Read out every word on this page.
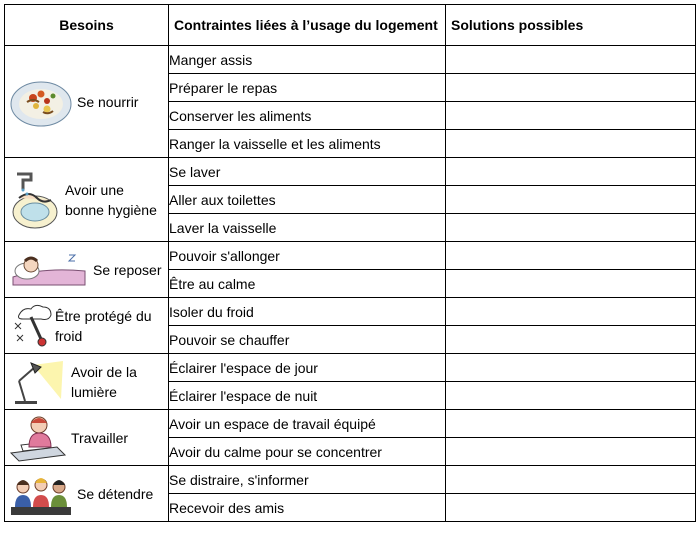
Besoins	Contraintes liées à l’usage du logement	Solutions possibles

Se nourrir	Manger assis	
	Préparer le repas	
	Conserver les aliments	
	Ranger la vaisselle et les aliments	

Avoir une bonne hygiène	Se laver	
	Aller aux toilettes	
	Laver la vaisselle	

Se reposer	Pouvoir s'allonger	
	Être au calme	

Être protégé du froid	Isoler du froid	
	Pouvoir se chauffer	

Avoir de la lumière	Éclairer l'espace de jour	
	Éclairer l'espace de nuit	

Travailler	Avoir un espace de travail équipé	
	Avoir du calme pour se concentrer	

Se détendre	Se distraire, s'informer	
	Recevoir des amis	
